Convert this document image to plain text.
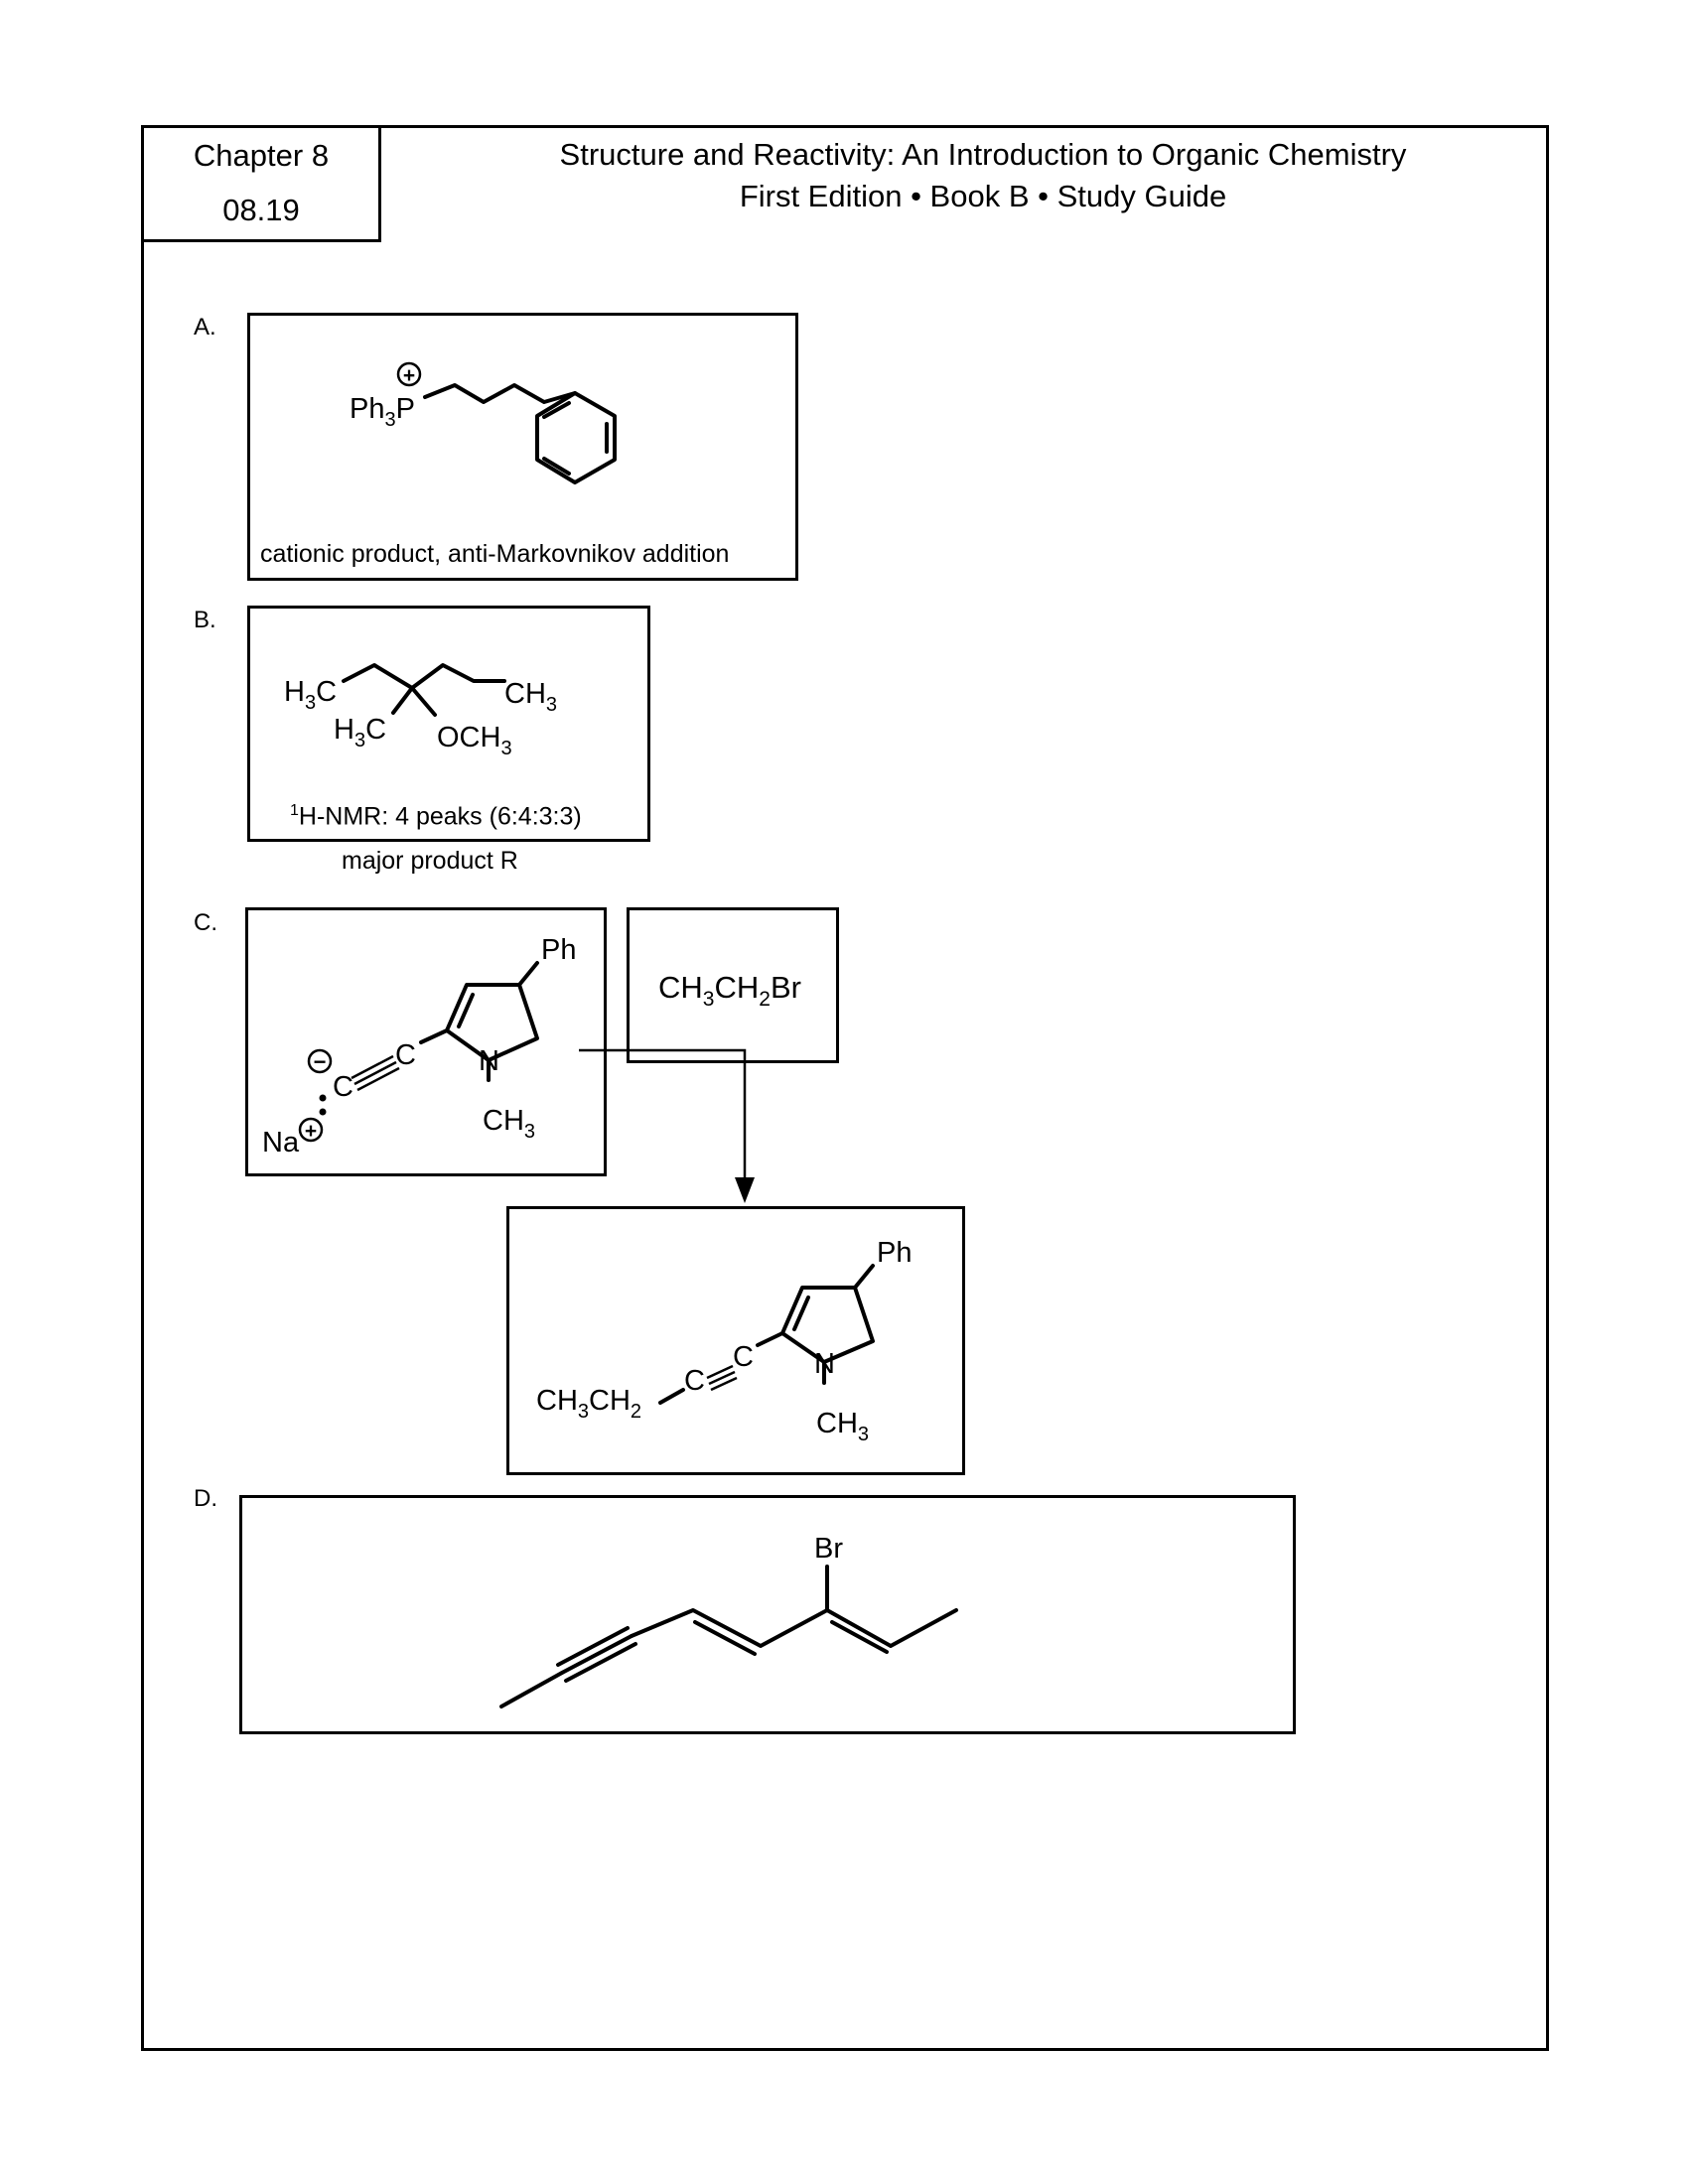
Chapter 8
08.19
Structure and Reactivity: An Introduction to Organic Chemistry
First Edition • Book B • Study Guide
A.
B.
C.
D.
cationic product, anti-Markovnikov addition
$^1$H-NMR: 4 peaks (6:4:3:3)
major product R
$Ph_3P$
+
$H_3C$	$CH_3$
$H_3C$ $OCH_3$
Ph
N
$CH_3$
C
C
−
Na +
$CH_3CH_2Br$
Ph
N
$CH_3$
C
C
$CH_3CH_2$
Br
